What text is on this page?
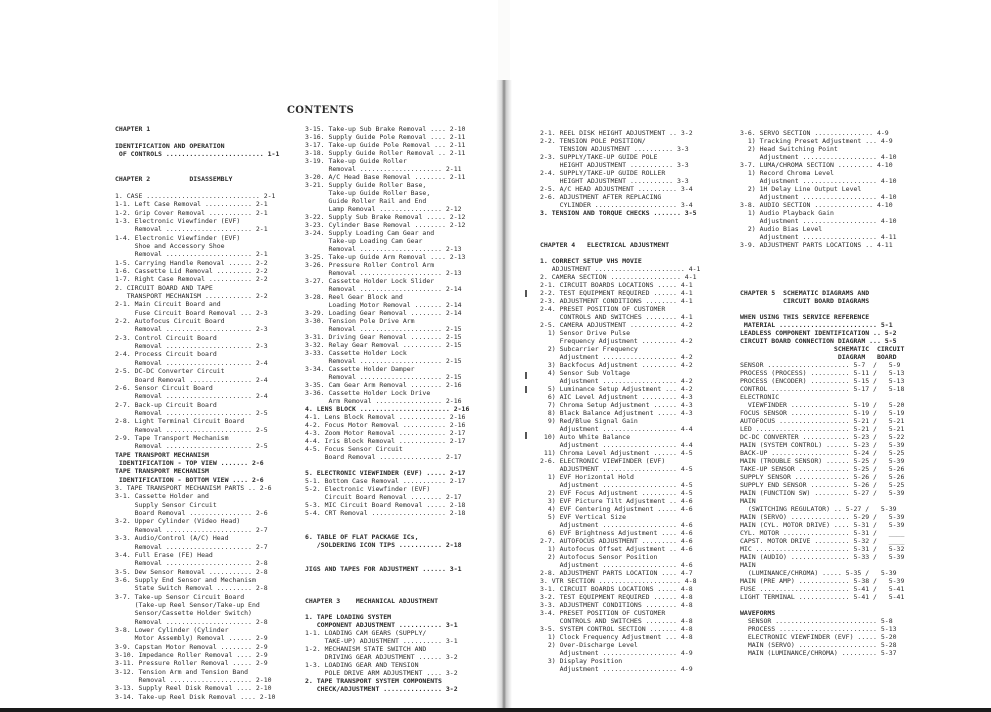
CONTENTS
CHAPTER 1
IDENTIFICATION AND OPERATION
OF CONTROLS ......................... 1-1
CHAPTER 2          DISASSEMBLY
1. CASE ............................. 2-1
1-1. Left Case Removal ............ 2-1
1-2. Grip Cover Removal ........... 2-1
1-3. Electronic Viewfinder (EVF)
Removal ...................... 2-1
1-4. Electronic Viewfinder (EVF)
Shoe and Accessory Shoe
Removal ...................... 2-1
1-5. Carrying Handle Removal ...... 2-2
1-6. Cassette Lid Removal ......... 2-2
1-7. Right Case Removal ........... 2-2
2. CIRCUIT BOARD AND TAPE
TRANSPORT MECHANISM ............ 2-2
2-1. Main Circuit Board and
Fuse Circuit Board Removal ... 2-3
2-2. Autofocus Circuit Board
Removal ...................... 2-3
2-3. Control Circuit Board
Removal ...................... 2-3
2-4. Process Circuit board
Removal ...................... 2-4
2-5. DC-DC Converter Circuit
Board Removal ................ 2-4
2-6. Sensor Circuit Board
Removal ...................... 2-4
2-7. Back-up Circuit Board
Removal ...................... 2-5
2-8. Light Terminal Circuit Board
Removal ...................... 2-5
2-9. Tape Transport Mechanism
Removal ...................... 2-5
TAPE TRANSPORT MECHANISM
IDENTIFICATION - TOP VIEW ....... 2-6
TAPE TRANSPORT MECHANISM
IDENTIFICATION - BOTTOM VIEW .... 2-6
3. TAPE TRANSPORT MECHANISM PARTS .. 2-6
3-1. Cassette Holder and
Supply Sensor Circuit
Board Removal ................ 2-6
3-2. Upper Cylinder (Video Head)
Removal ...................... 2-7
3-3. Audio/Control (A/C) Head
Removal ...................... 2-7
3-4. Full Erase (FE) Head
Removal ...................... 2-8
3-5. Dew Sensor Removal ........... 2-8
3-6. Supply End Sensor and Mechanism
State Switch Removal ......... 2-8
3-7. Take-up Sensor Circuit Board
(Take-up Reel Sensor/Take-up End
Sensor/Cassette Holder Switch)
Removal ...................... 2-8
3-8. Lower Cylinder (Cylinder
Motor Assembly) Removal ...... 2-9
3-9. Capstan Motor Removal ........ 2-9
3-10. Impedance Roller Removal .... 2-9
3-11. Pressure Roller Removal ..... 2-9
3-12. Tension Arm and Tension Band
Removal ..................... 2-10
3-13. Supply Reel Disk Removal .... 2-10
3-14. Take-up Reel Disk Removal .... 2-10
3-15. Take-up Sub Brake Removal .... 2-10
3-16. Supply Guide Pole Removal .... 2-11
3-17. Take-up Guide Pole Removal ... 2-11
3-18. Supply Guide Roller Removal .. 2-11
3-19. Take-up Guide Roller
Removal ..................... 2-11
3-20. A/C Head Base Removal ........ 2-11
3-21. Supply Guide Roller Base,
Take-up Guide Roller Base,
Guide Roller Rail and End
Lamp Removal ................ 2-12
3-22. Supply Sub Brake Removal ..... 2-12
3-23. Cylinder Base Removal ........ 2-12
3-24. Supply Loading Cam Gear and
Take-up Loading Cam Gear
Removal ..................... 2-13
3-25. Take-up Guide Arm Removal .... 2-13
3-26. Pressure Roller Control Arm
Removal ..................... 2-13
3-27. Cassette Holder Lock Slider
Removal ..................... 2-14
3-28. Reel Gear Block and
Loading Motor Removal ....... 2-14
3-29. Loading Gear Removal ........ 2-14
3-30. Tension Pole Drive Arm
Removal ..................... 2-15
3-31. Driving Gear Removal ........ 2-15
3-32. Relay Gear Removal .......... 2-15
3-33. Cassette Holder Lock
Removal ..................... 2-15
3-34. Cassette Holder Damper
Removal ..................... 2-15
3-35. Cam Gear Arm Removal ........ 2-16
3-36. Cassette Holder Lock Drive
Arm Removal ................. 2-16
4. LENS BLOCK ....................... 2-16
4-1. Lens Block Removal ............ 2-16
4-2. Focus Motor Removal ........... 2-16
4-3. Zoom Motor Removal ............ 2-17
4-4. Iris Block Removal ............ 2-17
4-5. Focus Sensor Circuit
Board Removal ................ 2-17
5. ELECTRONIC VIEWFINDER (EVF) ..... 2-17
5-1. Bottom Case Removal ........... 2-17
5-2. Electronic Viewfinder (EVF)
Circuit Board Removal ........ 2-17
5-3. MIC Circuit Board Removal ..... 2-18
5-4. CRT Removal ................... 2-18
6. TABLE OF FLAT PACKAGE ICs,
/SOLDERING ICON TIPS ........... 2-18
JIGS AND TAPES FOR ADJUSTMENT ...... 3-1
CHAPTER 3    MECHANICAL ADJUSTMENT
1. TAPE LOADING SYSTEM
COMPONENT ADJUSTMENT ........... 3-1
1-1. LOADING CAM GEARS (SUPPLY/
TAKE-UP) ADJUSTMENT .......... 3-1
1-2. MECHANISM STATE SWITCH AND
DRIVING GEAR ADJUSTMENT ...... 3-2
1-3. LOADING GEAR AND TENSION
POLE DRIVE ARM ADJUSTMENT .... 3-2
2. TAPE TRANSPORT SYSTEM COMPONENTS
CHECK/ADJUSTMENT ............... 3-2
2-1. REEL DISK HEIGHT ADJUSTMENT .. 3-2
2-2. TENSION POLE POSITION/
TENSION ADJUSTMENT .......... 3-3
2-3. SUPPLY/TAKE-UP GUIDE POLE
HEIGHT ADJUSTMENT ........... 3-3
2-4. SUPPLY/TAKE-UP GUIDE ROLLER
HEIGHT ADJUSTMENT ........... 3-3
2-5. A/C HEAD ADJUSTMENT .......... 3-4
2-6. ADJUSTMENT AFTER REPLACING
CYLINDER ..................... 3-4
3. TENSION AND TORQUE CHECKS ....... 3-5
CHAPTER 4   ELECTRICAL ADJUSTMENT
1. CORRECT SETUP VHS MOVIE
ADJUSTMENT ....................... 4-1
2. CAMERA SECTION .................. 4-1
2-1. CIRCUIT BOARDS LOCATIONS ..... 4-1
2-2. TEST EQUIPMENT REQUIRED ...... 4-1
2-3. ADJUSTMENT CONDITIONS ........ 4-1
2-4. PRESET POSITION OF CUSTOMER
CONTROLS AND SWITCHES ........ 4-1
2-5. CAMERA ADJUSTMENT ............ 4-2
1) Sensor Drive Pulse
Frequency Adjustment ......... 4-2
2) Subcarrier Frequency
Adjustment ................... 4-2
3) Backfocus Adjustment ......... 4-2
4) Sensor Sub Voltage
Adjustment ................... 4-2
5) Luminance Setup Adjustment ... 4-2
6) AIC Level Adjustment ......... 4-3
7) Chroma Setup Adjustment ...... 4-3
8) Black Balance Adjustment ..... 4-3
9) Red/Blue Signal Gain
Adjustment ................... 4-4
10) Auto White Balance
Adjustment ................... 4-4
11) Chroma Level Adjustment ...... 4-5
2-6. ELECTRONIC VIEWFINDER (EVF)
ADJUSTMENT ................... 4-5
1) EVF Horizontal Hold
Adjustment ................... 4-5
2) EVF Focus Adjustment ......... 4-5
3) EVF Picture Tilt Adjustment .. 4-6
4) EVF Centering Adjustment ..... 4-6
5) EVF Vertical Size
Adjustment ................... 4-6
6) EVF Brightness Adjustment .... 4-6
2-7. AUTOFOCUS ADJUSTMENT ......... 4-6
1) Autofocus Offset Adjustment .. 4-6
2) Autofocus Sensor Position
Adjustment ................... 4-6
2-8. ADJUSTMENT PARTS LOCATION .... 4-7
3. VTR SECTION ..................... 4-8
3-1. CIRCUIT BOARDS LOCATIONS ..... 4-8
3-2. TEST EQUIPMENT REQUIRED ...... 4-8
3-3. ADJUSTMENT CONDITIONS ........ 4-8
3-4. PRESET POSITION OF CUSTOMER
CONTROLS AND SWITCHES ........ 4-8
3-5. SYSTEM CONTROL SECTION ....... 4-8
1) Clock Frequency Adjustment ... 4-8
2) Over-Discharge Level
Adjustment ................... 4-9
3) Display Position
Adjustment ................... 4-9
3-6. SERVO SECTION ............... 4-9
1) Tracking Preset Adjustment ... 4-9
2) Head Switching Point
Adjustment ................... 4-10
3-7. LUMA/CHROMA SECTION ......... 4-10
1) Record Chroma Level
Adjustment ................... 4-10
2) 1H Delay Line Output Level
Adjustment ................... 4-10
3-8. AUDIO SECTION ............... 4-10
1) Audio Playback Gain
Adjustment ................... 4-10
2) Audio Bias Level
Adjustment ................... 4-11
3-9. ADJUSTMENT PARTS LOCATIONS .. 4-11
CHAPTER 5  SCHEMATIC DIAGRAMS AND
CIRCUIT BOARD DIAGRAMS
WHEN USING THIS SERVICE REFERENCE
MATERIAL ......................... 5-1
LEADLESS COMPONENT IDENTIFICATION .. 5-2
CIRCUIT BOARD CONNECTION DIAGRAM ... 5-5
SCHEMATIC  CIRCUIT
DIAGRAM   BOARD
SENSOR ..................... 5-7  /   5-9
PROCESS (PROCESS) .......... 5-11 /   5-13
PROCESS (ENCODER) .......... 5-15 /   5-13
CONTROL .................... 5-17 /   5-18
ELECTRONIC
VIEWFINDER ............... 5-19 /   5-20
FOCUS SENSOR ............... 5-19 /   5-19
AUTOFOCUS .................. 5-21 /   5-21
LED ........................ 5-21 /   5-21
DC-DC CONVERTER ............ 5-23 /   5-22
MAIN (SYSTEM CONTROL) ...... 5-23 /   5-39
BACK-UP .................... 5-24 /   5-25
MAIN (TROUBLE SENSOR) ...... 5-25 /   5-39
TAKE-UP SENSOR ............. 5-25 /   5-26
SUPPLY SENSOR .............. 5-26 /   5-26
SUPPLY END SENSOR .......... 5-26 /   5-25
MAIN (FUNCTION SW) ......... 5-27 /   5-39
MAIN
(SWITCHING REGULATOR) .. 5-27 /   5-39
MAIN (SERVO) ............... 5-29 /   5-39
MAIN (CYL. MOTOR DRIVE) .... 5-31 /   5-39
CYL. MOTOR ................. 5-31 /   ____
CAPST. MOTOR DRIVE ......... 5-32 /   ____
MIC ........................ 5-31 /   5-32
MAIN (AUDIO) ............... 5-33 /   5-39
MAIN
(LUMINANCE/CHROMA) ..... 5-35 /   5-39
MAIN (PRE AMP) ............. 5-38 /   5-39
FUSE ....................... 5-41 /   5-41
LIGHT TERMINAL ............. 5-41 /   5-41
WAVEFORMS
SENSOR .......................... 5-8
PROCESS ......................... 5-13
ELECTRONIC VIEWFINDER (EVF) ..... 5-20
MAIN (SERVO) .................... 5-28
MAIN (LUMINANCE/CHROMA) ......... 5-37
